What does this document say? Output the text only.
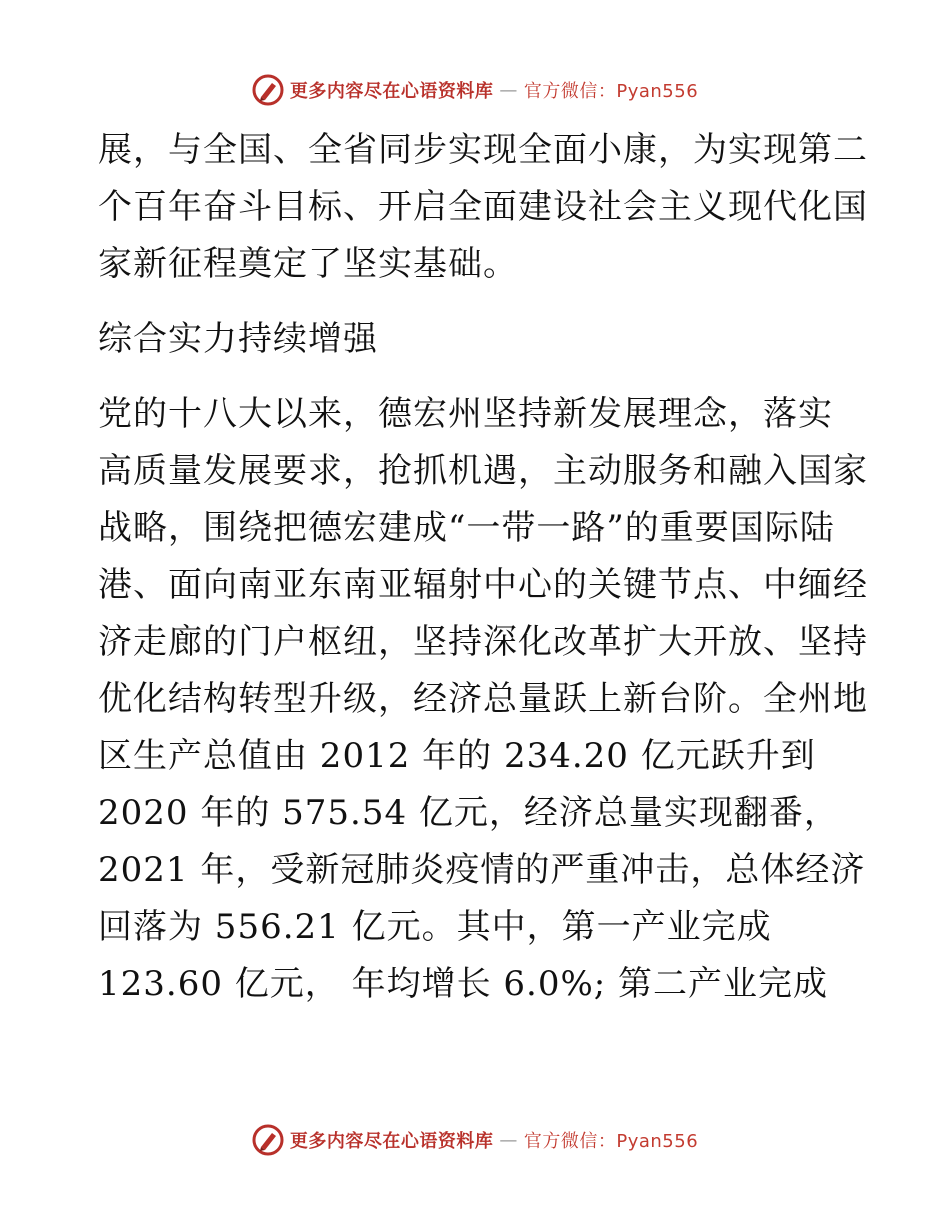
更多内容尽在心语资料库 — 官方微信：Pyan556
展，与全国、全省同步实现全面小康，为实现第二
个百年奋斗目标、开启全面建设社会主义现代化国
家新征程奠定了坚实基础。
综合实力持续增强
党的十八大以来，德宏州坚持新发展理念，落实
高质量发展要求，抢抓机遇，主动服务和融入国家
战略，围绕把德宏建成“一带一路”的重要国际陆
港、面向南亚东南亚辐射中心的关键节点、中缅经
济走廊的门户枢纽，坚持深化改革扩大开放、坚持
优化结构转型升级，经济总量跃上新台阶。全州地
区生产总值由 2012 年的 234.20 亿元跃升到
2020 年的 575.54 亿元，经济总量实现翻番，
2021 年，受新冠肺炎疫情的严重冲击，总体经济
回落为 556.21 亿元。其中，第一产业完成
123.60 亿元， 年均增长 6.0%; 第二产业完成
更多内容尽在心语资料库 — 官方微信：Pyan556
